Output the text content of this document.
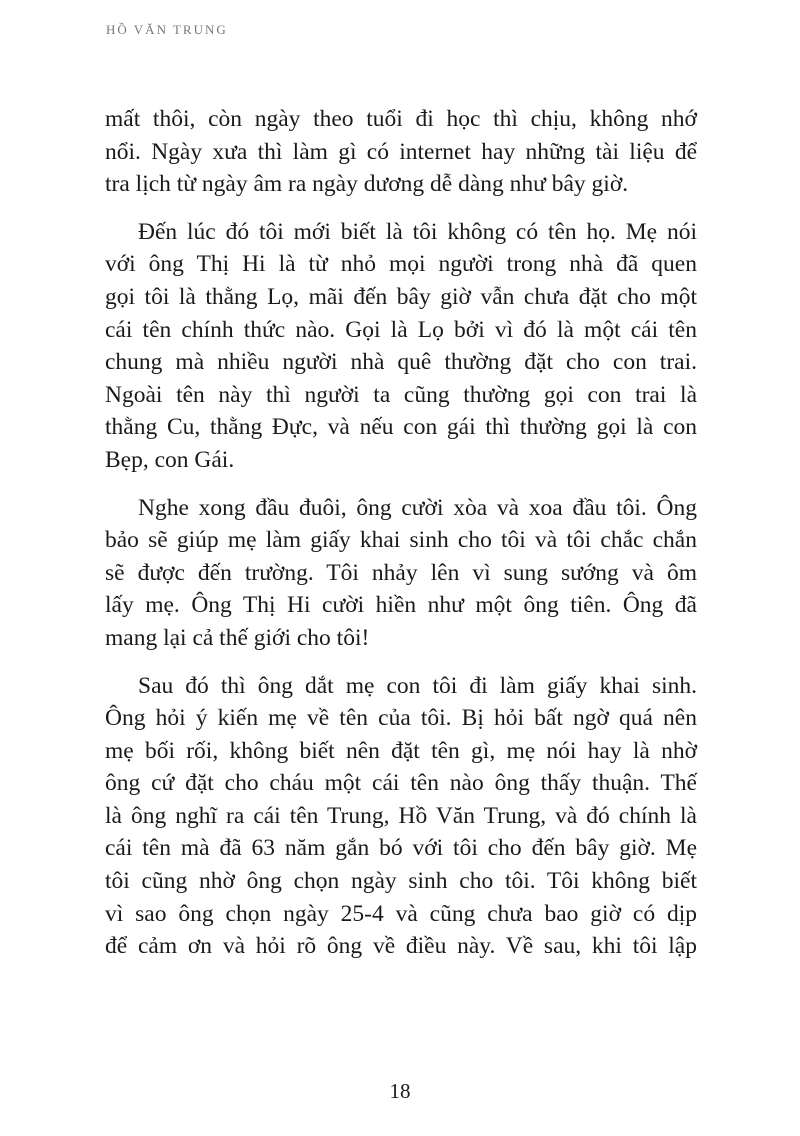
HỒ VĂN TRUNG
mất thôi, còn ngày theo tuổi đi học thì chịu, không nhớ
nổi. Ngày xưa thì làm gì có internet hay những tài liệu để
tra lịch từ ngày âm ra ngày dương dễ dàng như bây giờ.
Đến lúc đó tôi mới biết là tôi không có tên họ. Mẹ nói
với ông Thị Hi là từ nhỏ mọi người trong nhà đã quen
gọi tôi là thằng Lọ, mãi đến bây giờ vẫn chưa đặt cho một
cái tên chính thức nào. Gọi là Lọ bởi vì đó là một cái tên
chung mà nhiều người nhà quê thường đặt cho con trai.
Ngoài tên này thì người ta cũng thường gọi con trai là
thằng Cu, thằng Đực, và nếu con gái thì thường gọi là con
Bẹp, con Gái.
Nghe xong đầu đuôi, ông cười xòa và xoa đầu tôi. Ông
bảo sẽ giúp mẹ làm giấy khai sinh cho tôi và tôi chắc chắn
sẽ được đến trường. Tôi nhảy lên vì sung sướng và ôm
lấy mẹ. Ông Thị Hi cười hiền như một ông tiên. Ông đã
mang lại cả thế giới cho tôi!
Sau đó thì ông dắt mẹ con tôi đi làm giấy khai sinh.
Ông hỏi ý kiến mẹ về tên của tôi. Bị hỏi bất ngờ quá nên
mẹ bối rối, không biết nên đặt tên gì, mẹ nói hay là nhờ
ông cứ đặt cho cháu một cái tên nào ông thấy thuận. Thế
là ông nghĩ ra cái tên Trung, Hồ Văn Trung, và đó chính là
cái tên mà đã 63 năm gắn bó với tôi cho đến bây giờ. Mẹ
tôi cũng nhờ ông chọn ngày sinh cho tôi. Tôi không biết
vì sao ông chọn ngày 25-4 và cũng chưa bao giờ có dịp
để cảm ơn và hỏi rõ ông về điều này. Về sau, khi tôi lập
18
